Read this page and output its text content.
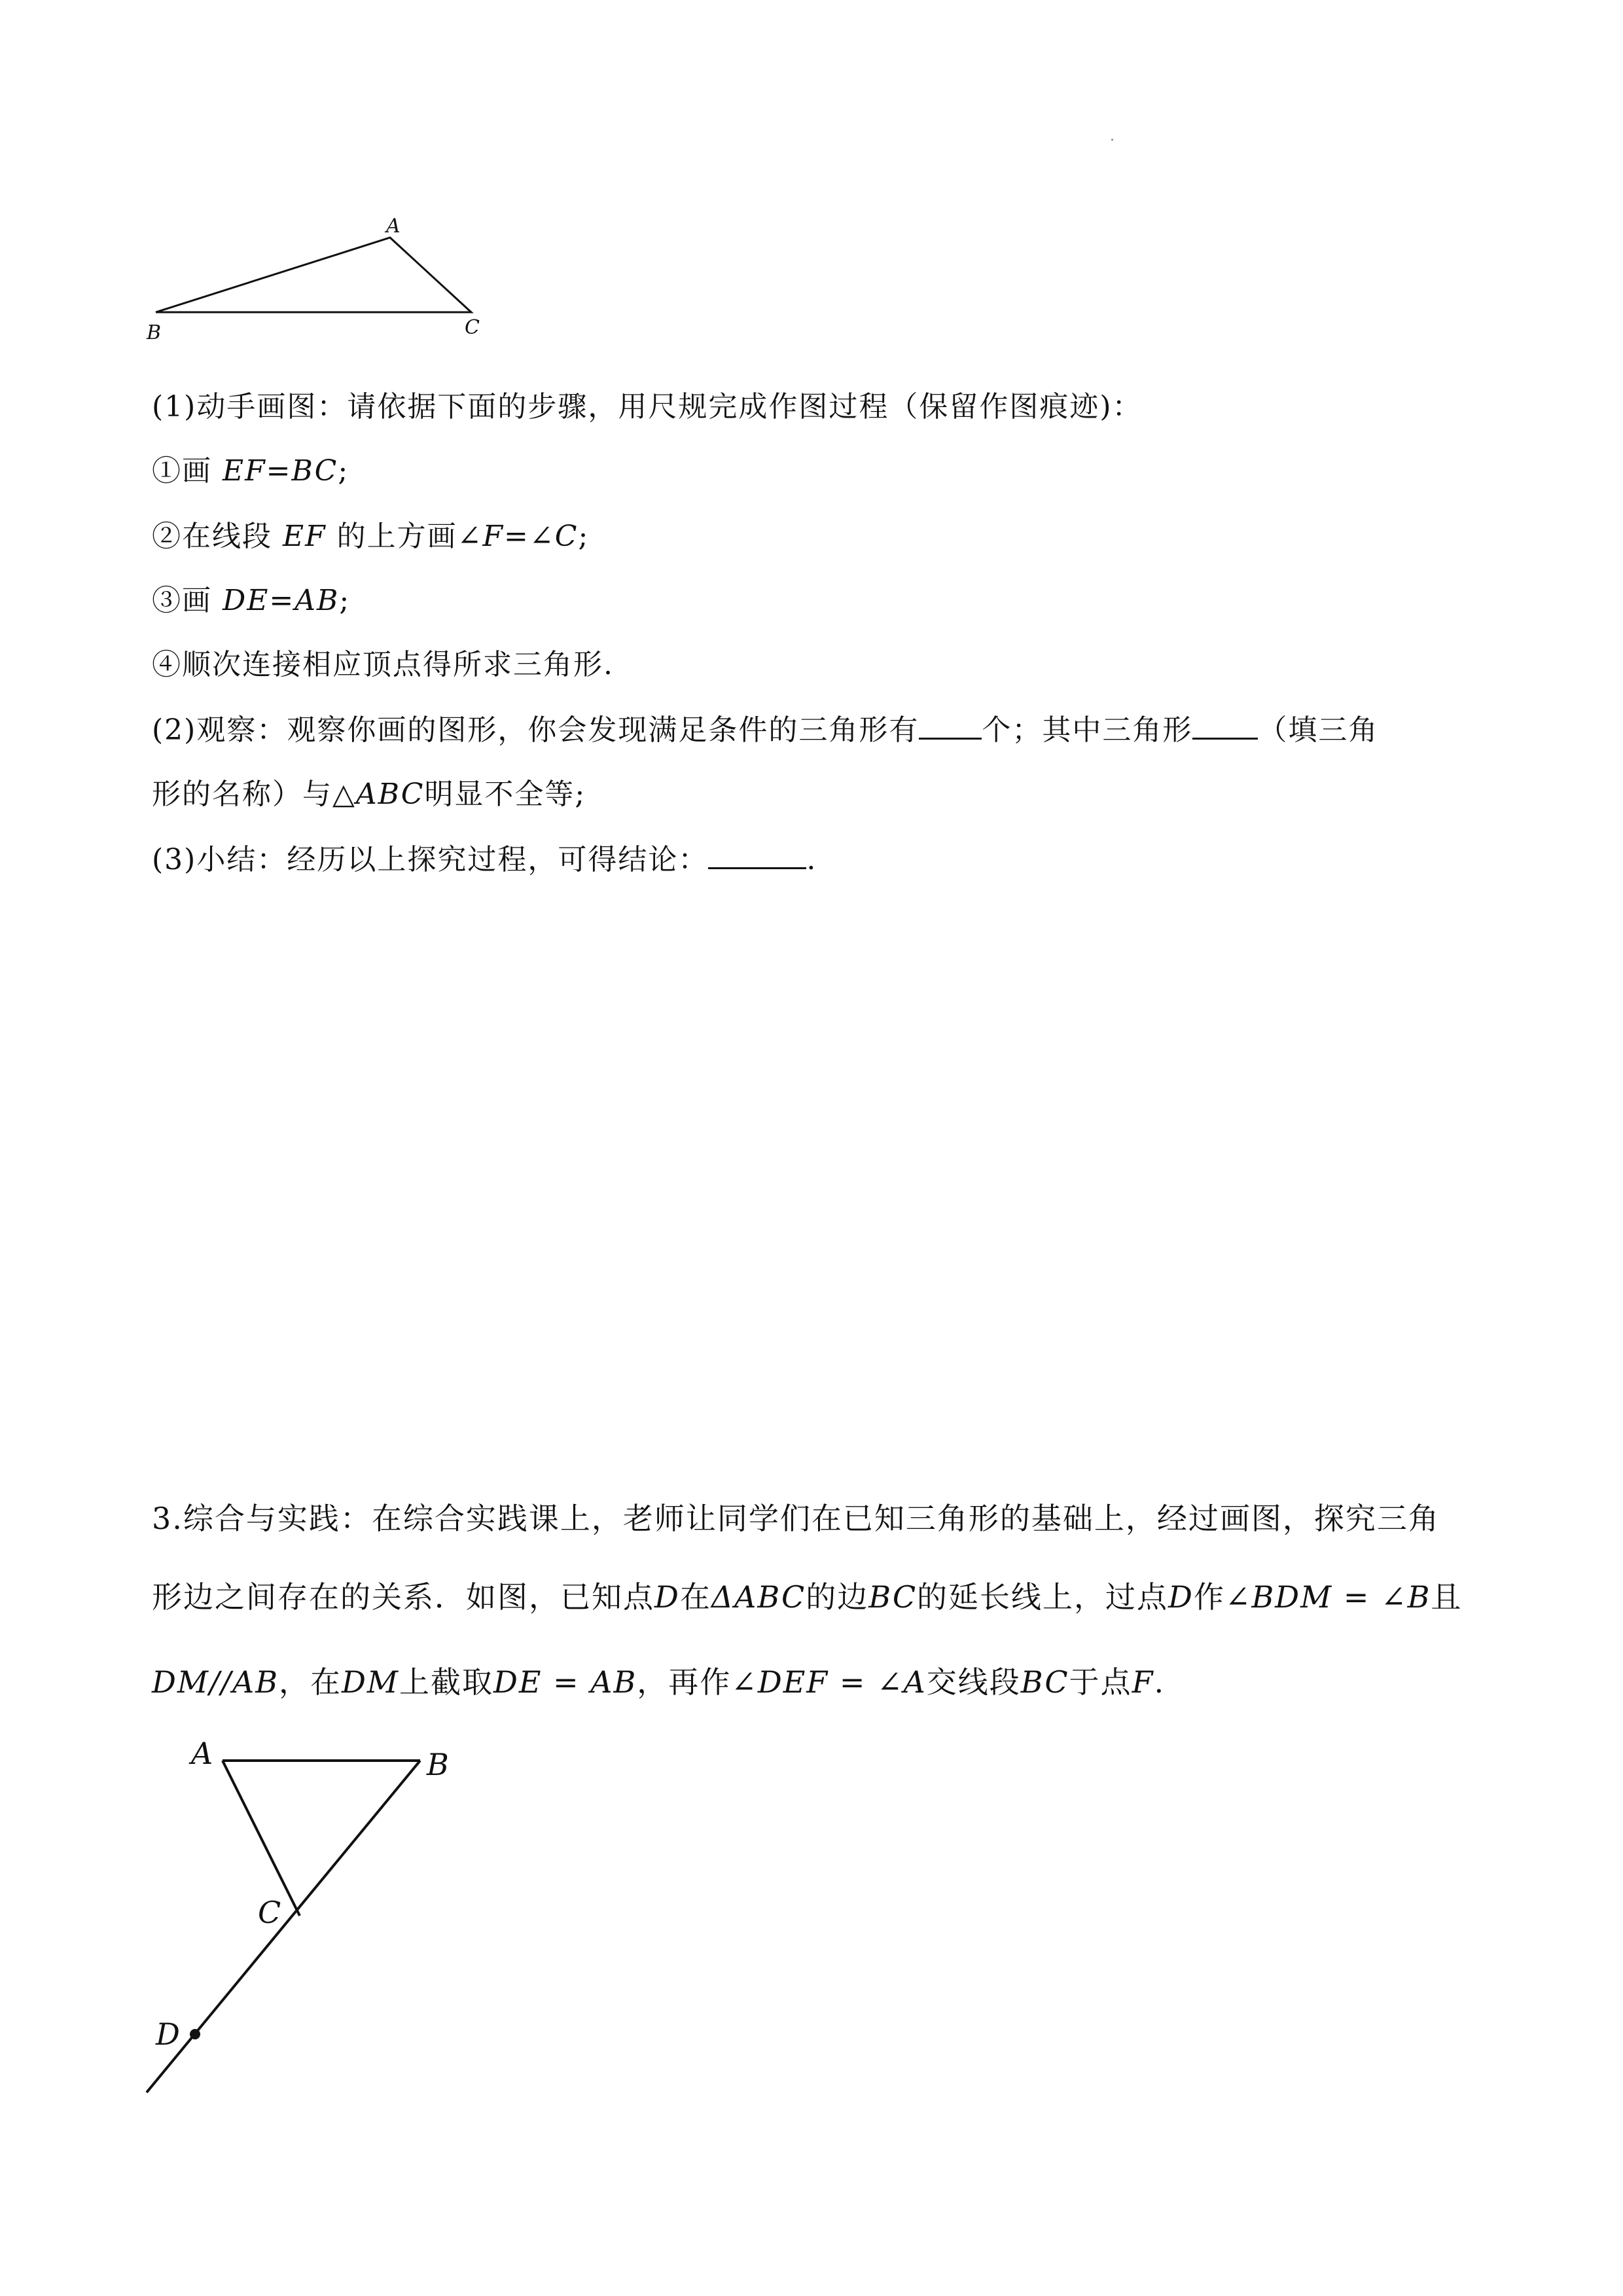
A
B	C
(1)动手画图：请依据下面的步骤，用尺规完成作图过程（保留作图痕迹)：
①画 EF=BC;
②在线段 EF 的上方画∠F=∠C;
③画 DE=AB;
④顺次连接相应顶点得所求三角形.
(2)观察：观察你画的图形，你会发现满足条件的三角形有 个；其中三角形 （填三角
形的名称）与△ABC明显不全等;
(3)小结：经历以上探究过程，可得结论：	.
3.综合与实践：在综合实践课上，老师让同学们在已知三角形的基础上，经过画图，探究三角
形边之间存在的关系．如图，已知点D在ΔABC的边BC的延长线上，过点D作∠BDM = ∠B且
DM//AB，在DM上截取DE = AB，再作∠DEF = ∠A交线段BC于点F.
A	B
C
D
